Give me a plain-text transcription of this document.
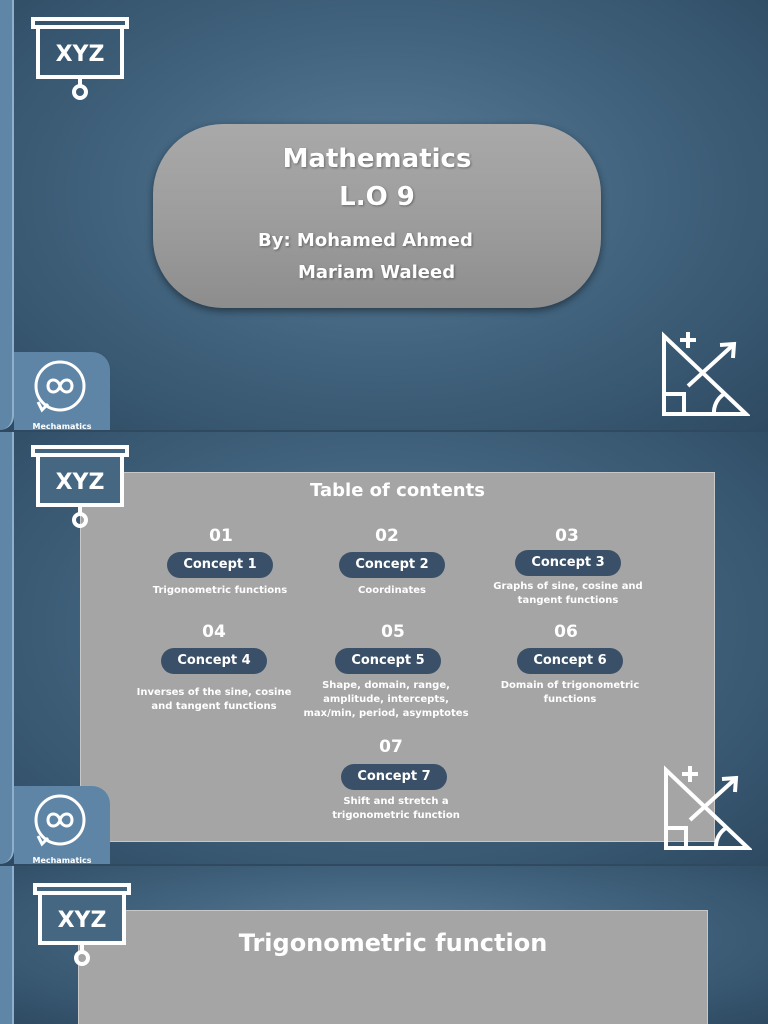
XYZ
Mathematics
L.O 9
By: Mohamed Ahmed
Mariam Waleed
Mechamatics
Table of contents
01
Concept 1
Trigonometric functions
02
Concept 2
Coordinates
03
Concept 3
Graphs of sine, cosine and tangent functions
04
Concept 4
Inverses of the sine, cosine and tangent functions
05
Concept 5
Shape, domain, range, amplitude, intercepts, max/min, period, asymptotes
06
Concept 6
Domain of trigonometric functions
07
Concept 7
Shift and stretch a trigonometric function
XYZ
Mechamatics
Trigonometric function
XYZ
